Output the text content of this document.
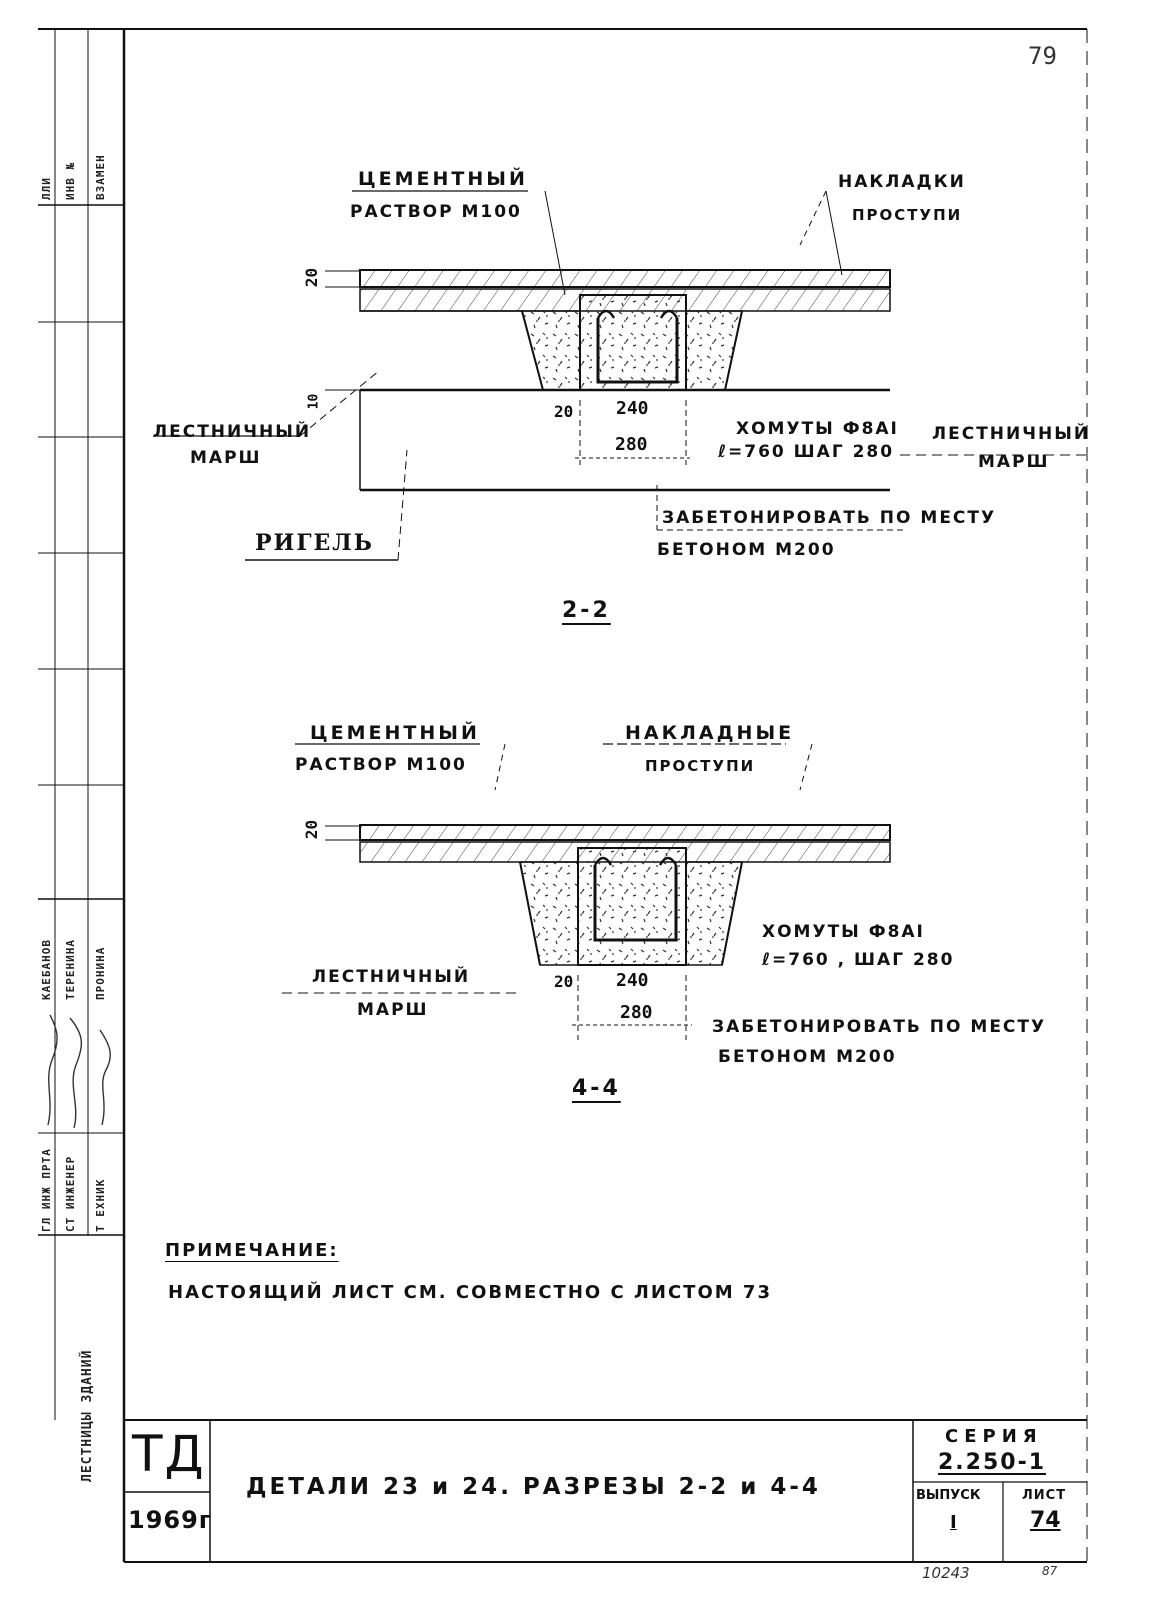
79
ЦЕМЕНТНЫЙ
РАСТВОР М100
НАКЛАДКИ
ПРОСТУПИ
20
10
ЛЕСТНИЧНЫЙ
МАРШ
20 240
280
ХОМУТЫ Ф8АI
ℓ=760 ШАГ 280
ЛЕСТНИЧНЫЙ
МАРШ
ЗАБЕТОНИРОВАТЬ ПО МЕСТУ
БЕТОНОМ М200
РИГЕЛЬ
2-2
ЦЕМЕНТНЫЙ
РАСТВОР М100
НАКЛАДНЫЕ
ПРОСТУПИ
20
ЛЕСТНИЧНЫЙ
МАРШ
20 240
280
ХОМУТЫ Ф8АI
ℓ=760 , ШАГ 280
ЗАБЕТОНИРОВАТЬ ПО МЕСТУ
БЕТОНОМ М200
4-4
ПРИМЕЧАНИЕ:
НАСТОЯЩИЙ ЛИСТ СМ. СОВМЕСТНО С ЛИСТОМ 73
ЛЛИ ИНВ № ВЗАМЕН
ГЛ ИНЖ ПРТА СТ ИНЖЕНЕР Т ЕХНИК
КАЕБАНОВ ТЕРЕНИНА ПРОНИНА
ЛЕСТНИЦЫ ЗДАНИЙ ТД
1969г
ДЕТАЛИ 23 и 24. РАЗРЕЗЫ 2-2 и 4-4
СЕРИЯ
2.250-1
ВЫПУСК
I
ЛИСТ
74
10243	87
